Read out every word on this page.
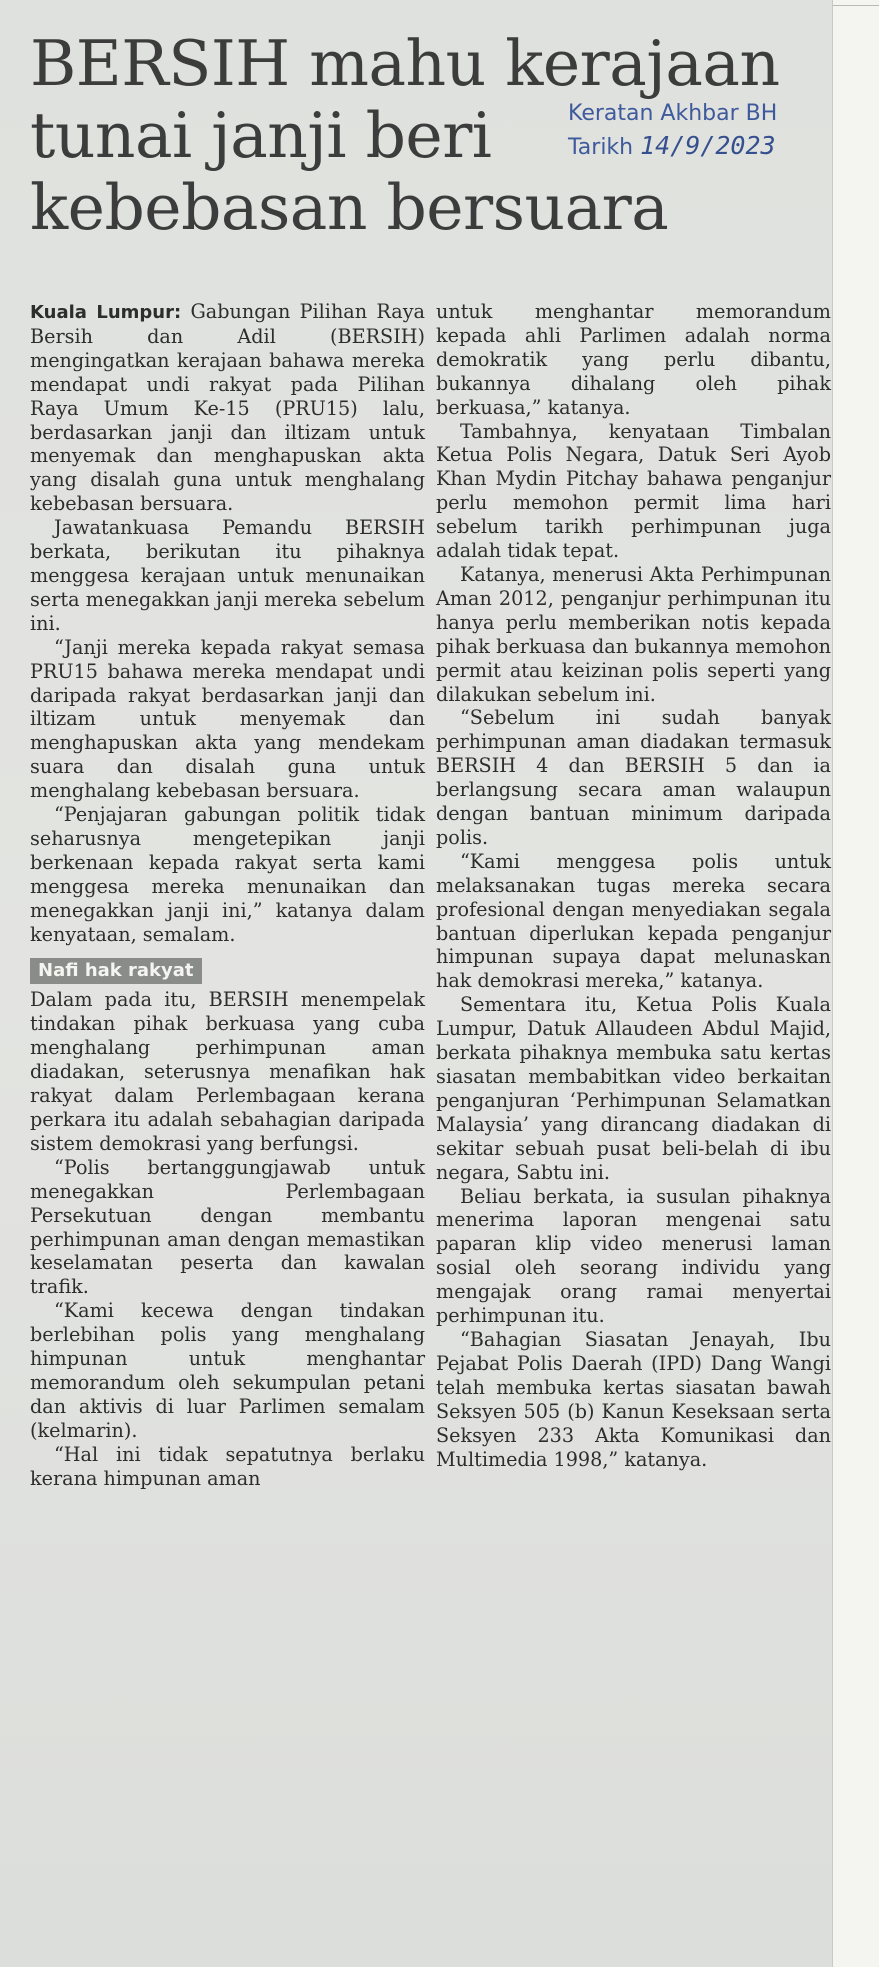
BERSIH mahu kerajaan
tunai janji beri
kebebasan bersuara
Keratan Akhbar BH
Tarikh 14/9/2023

Kuala Lumpur: Gabungan Pilihan Raya Bersih dan Adil (BERSIH) mengingatkan kerajaan bahawa mereka mendapat undi rakyat pada Pilihan Raya Umum Ke-15 (PRU15) lalu, berdasarkan janji dan iltizam untuk menyemak dan menghapuskan akta yang disalah guna untuk menghalang kebebasan bersuara.

Jawatankuasa Pemandu BERSIH berkata, berikutan itu pihaknya menggesa kerajaan untuk menunaikan serta menegakkan janji mereka sebelum ini.

“Janji mereka kepada rakyat semasa PRU15 bahawa mereka mendapat undi daripada rakyat berdasarkan janji dan iltizam untuk menyemak dan menghapuskan akta yang mendekam suara dan disalah guna untuk menghalang kebebasan bersuara.

“Penjajaran gabungan politik tidak seharusnya mengetepikan janji berkenaan kepada rakyat serta kami menggesa mereka menunaikan dan menegakkan janji ini,” katanya dalam kenyataan, semalam.

Nafi hak rakyat

Dalam pada itu, BERSIH menempelak tindakan pihak berkuasa yang cuba menghalang perhimpunan aman diadakan, seterusnya menafikan hak rakyat dalam Perlembagaan kerana perkara itu adalah sebahagian daripada sistem demokrasi yang berfungsi.

“Polis bertanggungjawab untuk menegakkan Perlembagaan Persekutuan dengan membantu perhimpunan aman dengan memastikan keselamatan peserta dan kawalan trafik.

“Kami kecewa dengan tindakan berlebihan polis yang menghalang himpunan untuk menghantar memorandum oleh sekumpulan petani dan aktivis di luar Parlimen semalam (kelmarin).

“Hal ini tidak sepatutnya berlaku kerana himpunan aman

untuk menghantar memorandum kepada ahli Parlimen adalah norma demokratik yang perlu dibantu, bukannya dihalang oleh pihak berkuasa,” katanya.

Tambahnya, kenyataan Timbalan Ketua Polis Negara, Datuk Seri Ayob Khan Mydin Pitchay bahawa penganjur perlu memohon permit lima hari sebelum tarikh perhimpunan juga adalah tidak tepat.

Katanya, menerusi Akta Perhimpunan Aman 2012, penganjur perhimpunan itu hanya perlu memberikan notis kepada pihak berkuasa dan bukannya memohon permit atau keizinan polis seperti yang dilakukan sebelum ini.

“Sebelum ini sudah banyak perhimpunan aman diadakan termasuk BERSIH 4 dan BERSIH 5 dan ia berlangsung secara aman walaupun dengan bantuan minimum daripada polis.

“Kami menggesa polis untuk melaksanakan tugas mereka secara profesional dengan menyediakan segala bantuan diperlukan kepada penganjur himpunan supaya dapat melunaskan hak demokrasi mereka,” katanya.

Sementara itu, Ketua Polis Kuala Lumpur, Datuk Allaudeen Abdul Majid, berkata pihaknya membuka satu kertas siasatan membabitkan video berkaitan penganjuran ‘Perhimpunan Selamatkan Malaysia’ yang dirancang diadakan di sekitar sebuah pusat beli-belah di ibu negara, Sabtu ini.

Beliau berkata, ia susulan pihaknya menerima laporan mengenai satu paparan klip video menerusi laman sosial oleh seorang individu yang mengajak orang ramai menyertai perhimpunan itu.

“Bahagian Siasatan Jenayah, Ibu Pejabat Polis Daerah (IPD) Dang Wangi telah membuka kertas siasatan bawah Seksyen 505 (b) Kanun Keseksaan serta Seksyen 233 Akta Komunikasi dan Multimedia 1998,” katanya.
